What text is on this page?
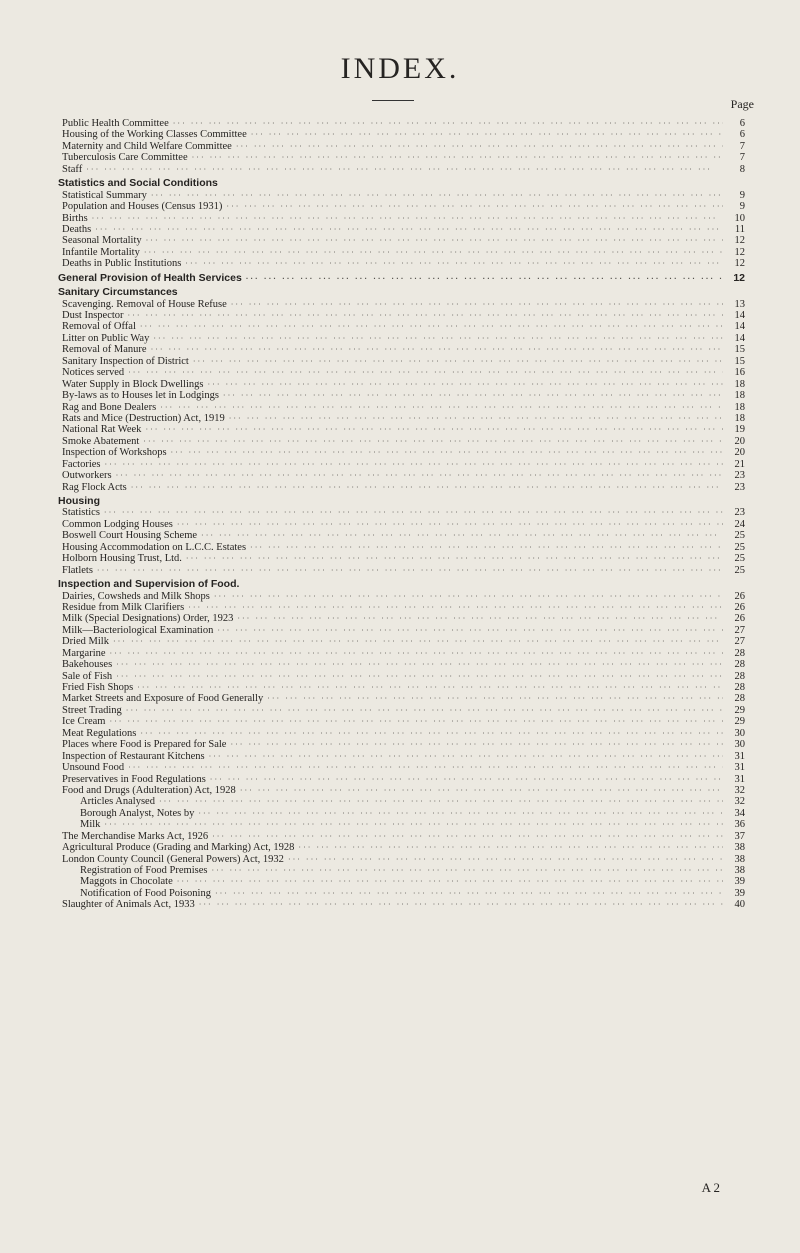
INDEX.
Page
Public Health Committee ··· ·	6
Housing of the Working Classes Committee ··· ·	6
Maternity and Child Welfare Committee ··· ·	7
Tuberculosis Care Committee ··· ·	7
Staff ··· ·	8
Statistics and Social Conditions
Statistical Summary ··· ·	9
Population and Houses (Census 1931) ··· ·	9
Births ··· ·	10
Deaths ··· ·	11
Seasonal Mortality ··· ·	12
Infantile Mortality ··· ·	12
Deaths in Public Institutions ··· ·	12
General Provision of Health Services ··· ·	12
Sanitary Circumstances
Scavenging. Removal of House Refuse ··· ·	13
Dust Inspector ··· ·	14
Removal of Offal ··· ·	14
Litter on Public Way ··· ·	14
Removal of Manure ··· ·	15
Sanitary Inspection of District ··· ·	15
Notices served ··· ·	16
Water Supply in Block Dwellings ··· ·	18
By-laws as to Houses let in Lodgings ··· ·	18
Rag and Bone Dealers ··· ·	18
Rats and Mice (Destruction) Act, 1919 ··· ·	18
National Rat Week ··· ·	19
Smoke Abatement ··· ·	20
Inspection of Workshops ··· ·	20
Factories ··· ·	21
Outworkers ··· ·	23
Rag Flock Acts ··· ·	23
Housing
Statistics ··· ·	23
Common Lodging Houses ··· ·	24
Boswell Court Housing Scheme ··· ·	25
Housing Accommodation on L.C.C. Estates ··· ·	25
Holborn Housing Trust, Ltd. ··· ·	25
Flatlets ··· ·	25
Inspection and Supervision of Food.
Dairies, Cowsheds and Milk Shops ··· ·	26
Residue from Milk Clarifiers ··· ·	26
Milk (Special Designations) Order, 1923 ··· ·	26
Milk—Bacteriological Examination ··· ·	27
Dried Milk ··· ·	27
Margarine ··· ·	28
Bakehouses ··· ·	28
Sale of Fish ··· ·	28
Fried Fish Shops ··· ·	28
Market Streets and Exposure of Food Generally ··· ·	28
Street Trading ··· ·	29
Ice Cream ··· ·	29
Meat Regulations ··· ·	30
Places where Food is Prepared for Sale ··· ·	30
Inspection of Restaurant Kitchens ··· ·	31
Unsound Food ··· ·	31
Preservatives in Food Regulations ··· ·	31
Food and Drugs (Adulteration) Act, 1928 ··· ·	32
Articles Analysed ··· ·	32
Borough Analyst, Notes by ··· ·	34
Milk ··· ·	36
The Merchandise Marks Act, 1926 ··· ·	37
Agricultural Produce (Grading and Marking) Act, 1928 ··· ·	38
London County Council (General Powers) Act, 1932 ··· ·	38
Registration of Food Premises ··· ·	38
Maggots in Chocolate ··· ·	39
Notification of Food Poisoning ··· ·	39
Slaughter of Animals Act, 1933 ··· ·	40
A 2
